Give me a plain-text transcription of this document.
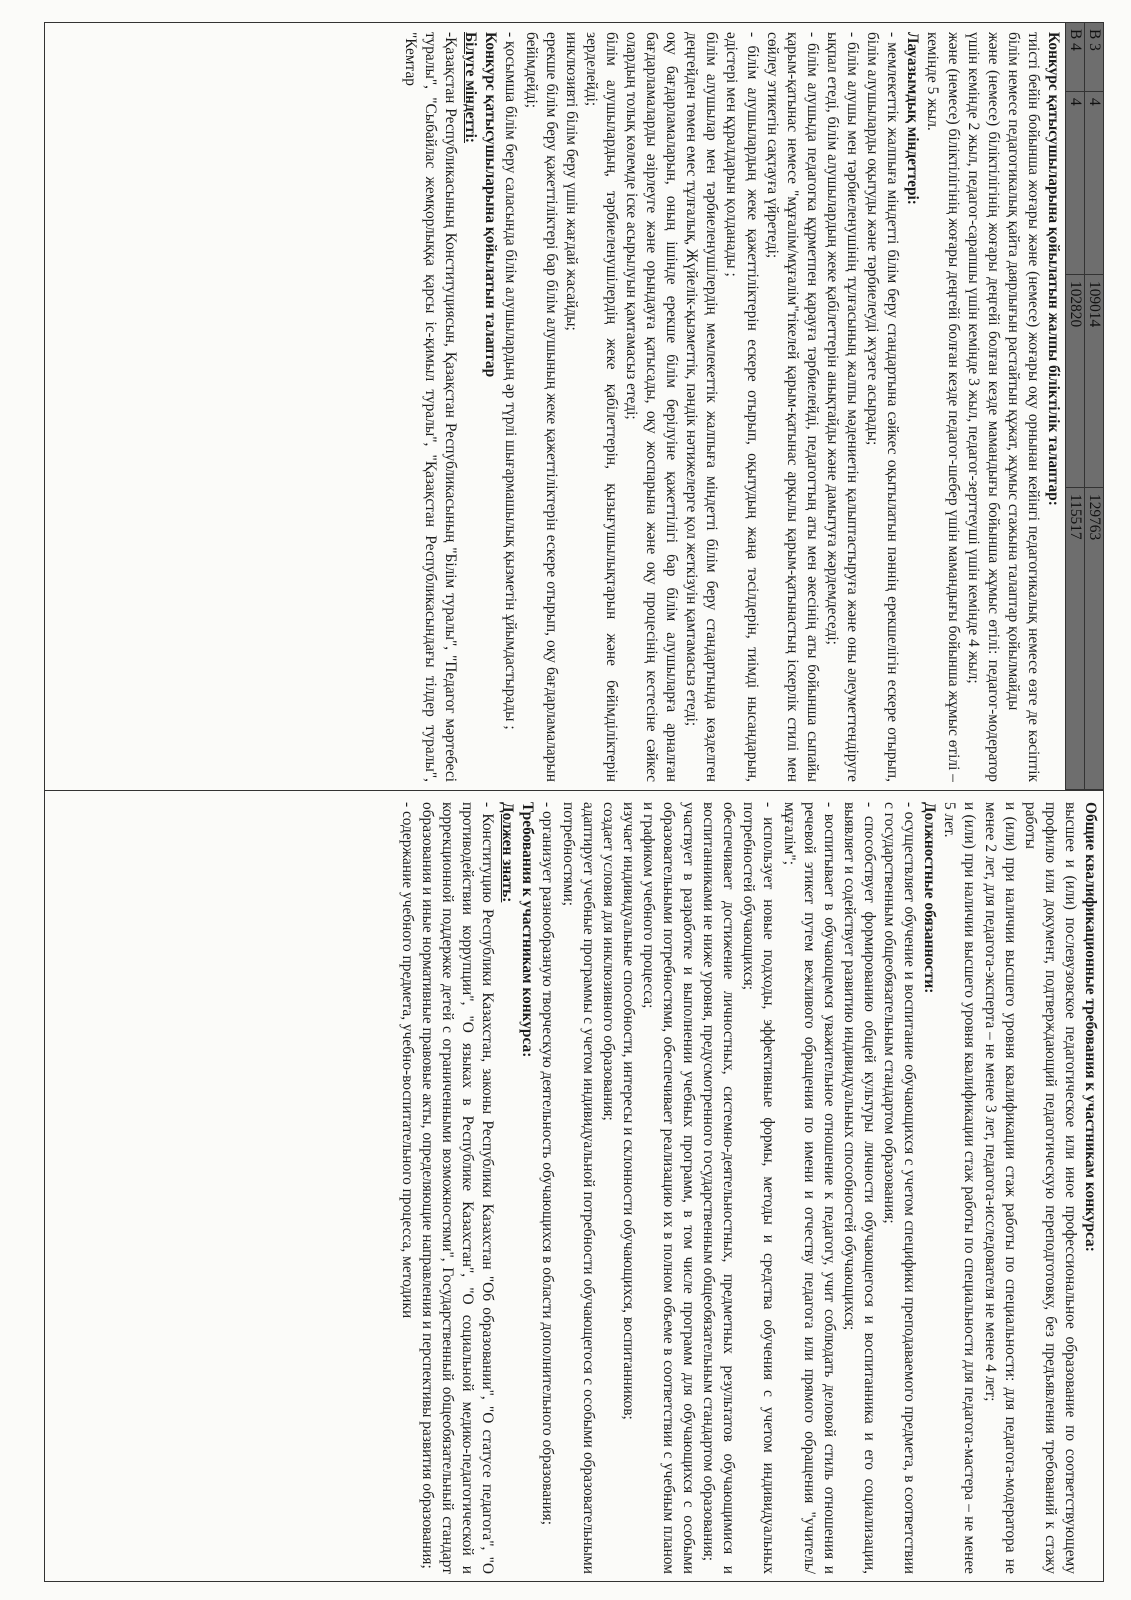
В 3	4	109014	129763
В 4	4	102820	115517
Конкурс қатысушыларына қойылатын жалпы біліктілік талаптар:
тиісті бейін бойынша жоғары және (немесе) жоғары оқу орнынан кейінгі педагогикалық немесе өзге де кәсіптік білім немесе педагогикалық қайта даярлығын растайтын құжат, жұмыс стажына талаптар қойылмайды
және (немесе) біліктілігінің жоғары деңгейі болған кезде мамандығы бойынша жұмыс өтілі: педагог-модератор үшін кемінде 2 жыл, педагог-сарапшы үшін кемінде 3 жыл, педагог-зерттеуші үшін кемінде 4 жыл;
және (немесе) біліктілігінің жоғары деңгейі болған кезде педагог-шебер үшін мамандығы бойынша жұмыс өтілі – кемінде 5 жыл.
Лауазымдық міндеттері:
- мемлекеттік жалпыға міндетті білім беру стандартына сәйкес оқытылатын пәннің ерекшелігін ескере отырып, білім алушыларды оқытуды және тәрбиелеуді жүзеге асырады;
- білім алушы мен тәрбиеленушінің тұлғасының жалпы мәдениетін қалыптастыруға және оны әлеуметтендіруге ықпал етеді, білім алушылардың жеке қабілеттерін анықтайды және дамытуға жәрдемдеседі;
- білім алушыда педагогка құрметпен қарауға тәрбиелейді, педагогтың аты мен әкесінің аты бойынша сыпайы қарым-қатынас немесе "мұғалім/мұғалім"тікелей қарым-қатынас арқылы қарым-қатынастың іскерлік стилі мен сөйлеу этикетін сақтауға үйретеді;
- білім алушылардың жеке қажеттіліктерін ескере отырып, оқытудың жаңа тәсілдерін, тиімді нысандарын, әдістері мен құралдарын қолданады ;
білім алушылар мен тәрбиеленушілердің мемлекеттік жалпыға міндетті білім беру стандартында көзделген деңгейден төмен емес тұлғалық, Жүйелік-қызметтік, пәндік нәтижелерге қол жеткізуін қамтамасыз етеді;
оқу бағдарламаларын, оның ішінде ерекше білім берілуіне қажеттілігі бар білім алушыларға арналған бағдарламаларды әзірлеуге және орындауға қатысады, оқу жоспарына және оқу процесінің кестесіне сәйкес олардың толық көлемде іске асырылуын қамтамасыз етеді;
білім алушылардың, тәрбиеленушілердің жеке қабілеттерін, қызығушылықтарын және бейімділіктерін зерделейді;
инклюзивті білім беру үшін жағдай жасайды;
ерекше білім беру қажеттіліктері бар білім алушының жеке қажеттіліктерін ескере отырып, оқу бағдарламаларын бейімдейді;
- қосымша білім беру саласында білім алушылардың әр түрлі шығармашылық қызметін ұйымдастырады ;
Конкурс қатысушыларына қойылатын талаптар
Білуге міндетті:
-Қазақстан Республикасының Конституциясын, Қазақстан Республикасының "Білім туралы", "Педагог мәртебесі туралы", "Сыбайлас жемқорлыққа қарсы іс-қимыл туралы", "Қазақстан Республикасындағы тілдер туралы", "Кемтар
Общие квалификационные требования к участникам конкурса:
высшее и (или) послевузовское педагогическое или иное профессиональное образование по соответствующему профилю или документ, подтверждающий педагогическую переподготовку, без предъявления требований к стажу работы
и (или) при наличии высшего уровня квалификации стаж работы по специальности: для педагога-модератора не менее 2 лет, для педагога-эксперта – не менее 3 лет, педагога-исследователя не менее 4 лет;
и (или) при наличии высшего уровня квалификации стаж работы по специальности для педагога-мастера – не менее 5 лет.
Должностные обязанности:
- осуществляет обучение и воспитание обучающихся с учетом специфики преподаваемого предмета, в соответствии с государственным общеобязательным стандартом образования;
- способствует формированию общей культуры личности обучающегося и воспитанника и его социализации, выявляет и содействует развитию индивидуальных способностей обучающихся;
- воспитывает в обучающемся уважительное отношение к педагогу, учит соблюдать деловой стиль отношения и речевой этикет путем вежливого обращения по имени и отчеству педагога или прямого обращения "учитель/мұғалім";
- использует новые подходы, эффективные формы, методы и средства обучения с учетом индивидуальных потребностей обучающихся;
обеспечивает достижение личностных, системно-деятельностных, предметных результатов обучающимися и воспитанниками не ниже уровня, предусмотренного государственным общеобязательным стандартом образования;
участвует в разработке и выполнении учебных программ, в том числе программ для обучающихся с особыми образовательными потребностями, обеспечивает реализацию их в полном объеме в соответствии с учебным планом и графиком учебного процесса;
изучает индивидуальные способности, интересы и склонности обучающихся, воспитанников;
создает условия для инклюзивного образования;
адаптирует учебные программы с учетом индивидуальной потребности обучающегося с особыми образовательными потребностями;
- организует разнообразную творческую деятельность обучающихся в области дополнительного образования;
Требования к участникам конкурса:
Должен знать:
- Конституцию Республики Казахстан, законы Республики Казахстан "Об образовании", "О статусе педагога", "О противодействии коррупции", "О языках в Республике Казахстан", "О социальной медико-педагогической и коррекционной поддержке детей с ограниченными возможностями", Государственный общеобязательный стандарт образования и иные нормативные правовые акты, определяющие направления и перспективы развития образования;
- содержание учебного предмета, учебно-воспитательного процесса, методики
